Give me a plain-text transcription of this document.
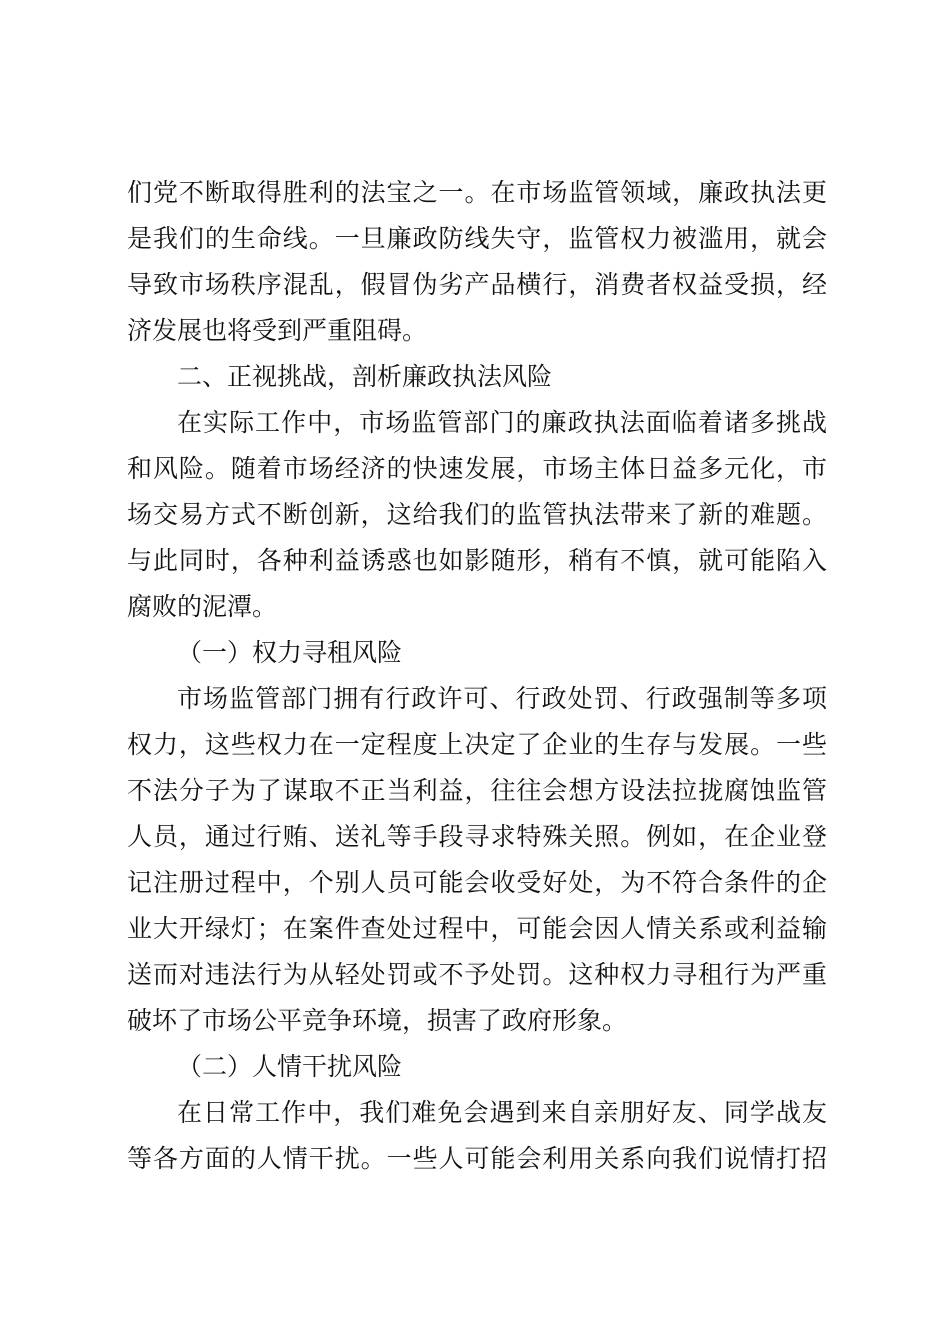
们党不断取得胜利的法宝之一。在市场监管领域，廉政执法更
是我们的生命线。一旦廉政防线失守，监管权力被滥用，就会
导致市场秩序混乱，假冒伪劣产品横行，消费者权益受损，经
济发展也将受到严重阻碍。
二、正视挑战，剖析廉政执法风险
在实际工作中，市场监管部门的廉政执法面临着诸多挑战
和风险。随着市场经济的快速发展，市场主体日益多元化，市
场交易方式不断创新，这给我们的监管执法带来了新的难题。
与此同时，各种利益诱惑也如影随形，稍有不慎，就可能陷入
腐败的泥潭。
（一）权力寻租风险
市场监管部门拥有行政许可、行政处罚、行政强制等多项
权力，这些权力在一定程度上决定了企业的生存与发展。一些
不法分子为了谋取不正当利益，往往会想方设法拉拢腐蚀监管
人员，通过行贿、送礼等手段寻求特殊关照。例如，在企业登
记注册过程中，个别人员可能会收受好处，为不符合条件的企
业大开绿灯；在案件查处过程中，可能会因人情关系或利益输
送而对违法行为从轻处罚或不予处罚。这种权力寻租行为严重
破坏了市场公平竞争环境，损害了政府形象。
（二）人情干扰风险
在日常工作中，我们难免会遇到来自亲朋好友、同学战友
等各方面的人情干扰。一些人可能会利用关系向我们说情打招
